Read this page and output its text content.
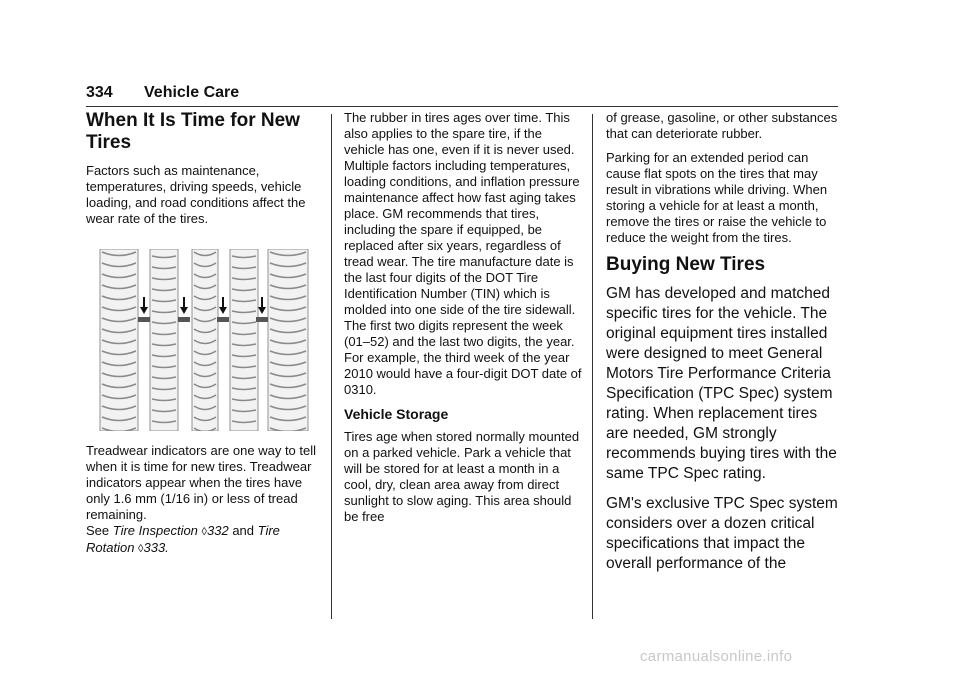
334 Vehicle Care
When It Is Time for New Tires

Factors such as maintenance, temperatures, driving speeds, vehicle loading, and road conditions affect the wear rate of the tires.

Treadwear indicators are one way to tell when it is time for new tires. Treadwear indicators appear when the tires have only 1.6 mm (1/16 in) or less of tread remaining.
See Tire Inspection ◊332 and Tire Rotation ◊333.

The rubber in tires ages over time. This also applies to the spare tire, if the vehicle has one, even if it is never used. Multiple factors including temperatures, loading conditions, and inflation pressure maintenance affect how fast aging takes place. GM recommends that tires, including the spare if equipped, be replaced after six years, regardless of tread wear. The tire manufacture date is the last four digits of the DOT Tire Identification Number (TIN) which is molded into one side of the tire sidewall. The first two digits represent the week (01–52) and the last two digits, the year. For example, the third week of the year 2010 would have a four-digit DOT date of 0310.

Vehicle Storage

Tires age when stored normally mounted on a parked vehicle. Park a vehicle that will be stored for at least a month in a cool, dry, clean area away from direct sunlight to slow aging. This area should be free

of grease, gasoline, or other substances that can deteriorate rubber.

Parking for an extended period can cause flat spots on the tires that may result in vibrations while driving. When storing a vehicle for at least a month, remove the tires or raise the vehicle to reduce the weight from the tires.

Buying New Tires

GM has developed and matched specific tires for the vehicle. The original equipment tires installed were designed to meet General Motors Tire Performance Criteria Specification (TPC Spec) system rating. When replacement tires are needed, GM strongly recommends buying tires with the same TPC Spec rating.

GM's exclusive TPC Spec system considers over a dozen critical specifications that impact the overall performance of the

carmanualsonline.info
